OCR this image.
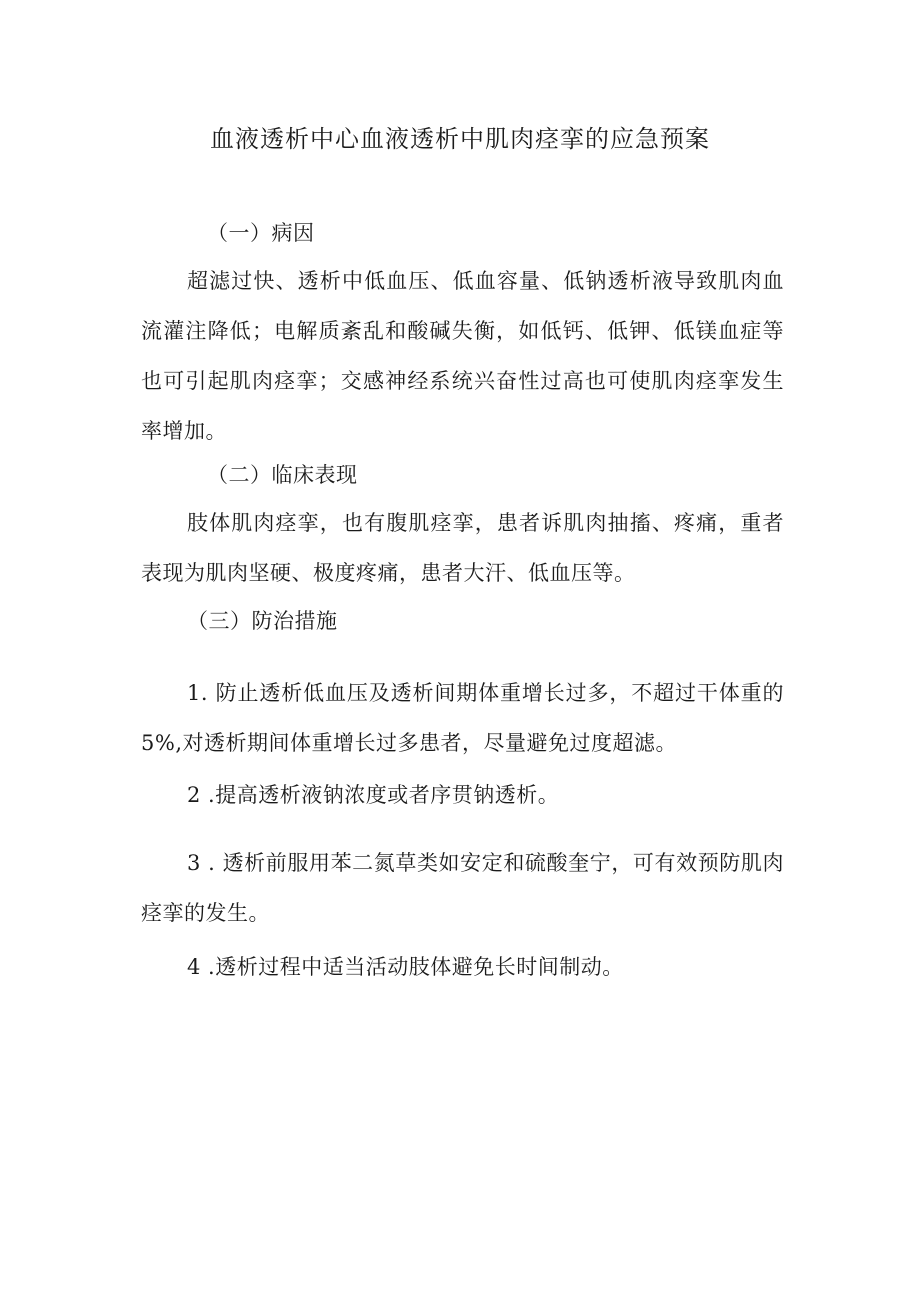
血液透析中心血液透析中肌肉痉挛的应急预案
（一）病因

超滤过快、透析中低血压、低血容量、低钠透析液导致肌肉血流灌注降低；电解质紊乱和酸碱失衡，如低钙、低钾、低镁血症等也可引起肌肉痉挛；交感神经系统兴奋性过高也可使肌肉痉挛发生率增加。

（二）临床表现

肢体肌肉痉挛，也有腹肌痉挛，患者诉肌肉抽搐、疼痛，重者表现为肌肉坚硬、极度疼痛，患者大汗、低血压等。

（三）防治措施

1. 防止透析低血压及透析间期体重增长过多，不超过干体重的 5%,对透析期间体重增长过多患者，尽量避免过度超滤。

2 .提高透析液钠浓度或者序贯钠透析。

3 . 透析前服用苯二氮草类如安定和硫酸奎宁，可有效预防肌肉痉挛的发生。

4 .透析过程中适当活动肢体避免长时间制动。
